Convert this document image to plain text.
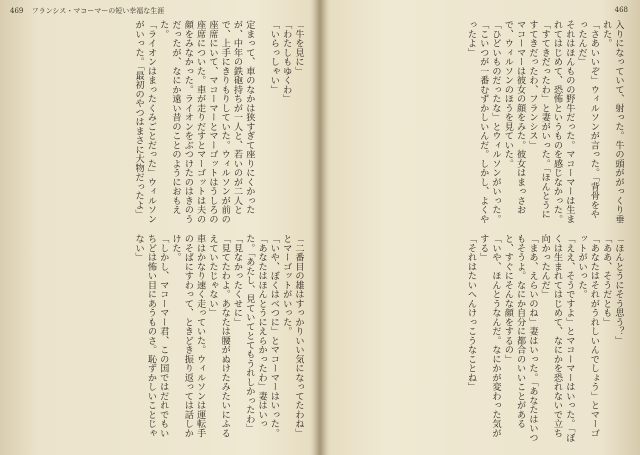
469 フランシス・マコーマーの短い幸福な生涯

「牛を見に」
「わたしもゆくわ」
「いらっしゃい」

定まって、車のなかは狭すぎて座りにくかったが、中年の鉄砲持ちが一人と、若いのが二人とで、上手にきりもりしていた。ウィルソンが前の座席にいて、マコーマーとマーゴットはうしろの座席についた。車が走りだすとマーゴットは夫の顔をみなかった。ライオンをぶつけたのはきのうだったが、なにか遠い昔のことのようにおもえた。
「ライオンはまったくみごとだった」ウィルソンがいった。「最初のやつはまさに大物だったよ」

「二番目の雄はすっかりいい気になってたわね」とマーゴットがいった。
「いや、ぼくはべつに」とマコーマーはいった。
「あなたはほんとうにえらかったわ」妻はいった。「あたし、見ていてとてもうれしかったわ」
「見なかったくせに」
「見てたわよ。あなたは腰がぬけたみたいにふるえていたじゃない」
車はかなり速く走っていた。ウィルソンは運転手のそばにすわって、ときどき振り返っては話しかけた。
「しかし、マコーマー君、この国ではだれでもいちどは怖い目にあうものさ。恥ずかしいことじゃない」

468

入りになっていて、射った。牛の頭ががっくり垂れた。
「さあいいぞ」ウィルソンが言った。「背骨をやったんだ」
それはほんものの野牛だった。マコーマーは生まれてはじめて、恐怖というものを感じなかった。
「すてきだったわ」と妻がいった。「ほんとうにすてきだったわ、フランシス」
マコーマーは彼女の顔をみた。彼女はまっさおで、ウィルソンのほうを見ていた。
「ひどいものだったな」とウィルソンがいった。「こいつが一番むずかしいんだ。しかし、よくやったよ」

「ほんとうにそう思う？」
「ああ、そうだとも」
「あなたはそれがうれしいんでしょう」とマーゴットがいった。
「ええ、そうですよ」とマコーマーはいった。「ぼくは生まれてはじめて、なにかを恐れないで立ち向かったんだ」
「まあ、えらいのね」妻はいった。「あなたはいつもそうよ。なにか自分に都合のいいことがあると、すぐにそんな顔をするの」
「いや、ほんとうなんだ。なにかが変わった気がする」
「それはたいへんけっこうなことね」
